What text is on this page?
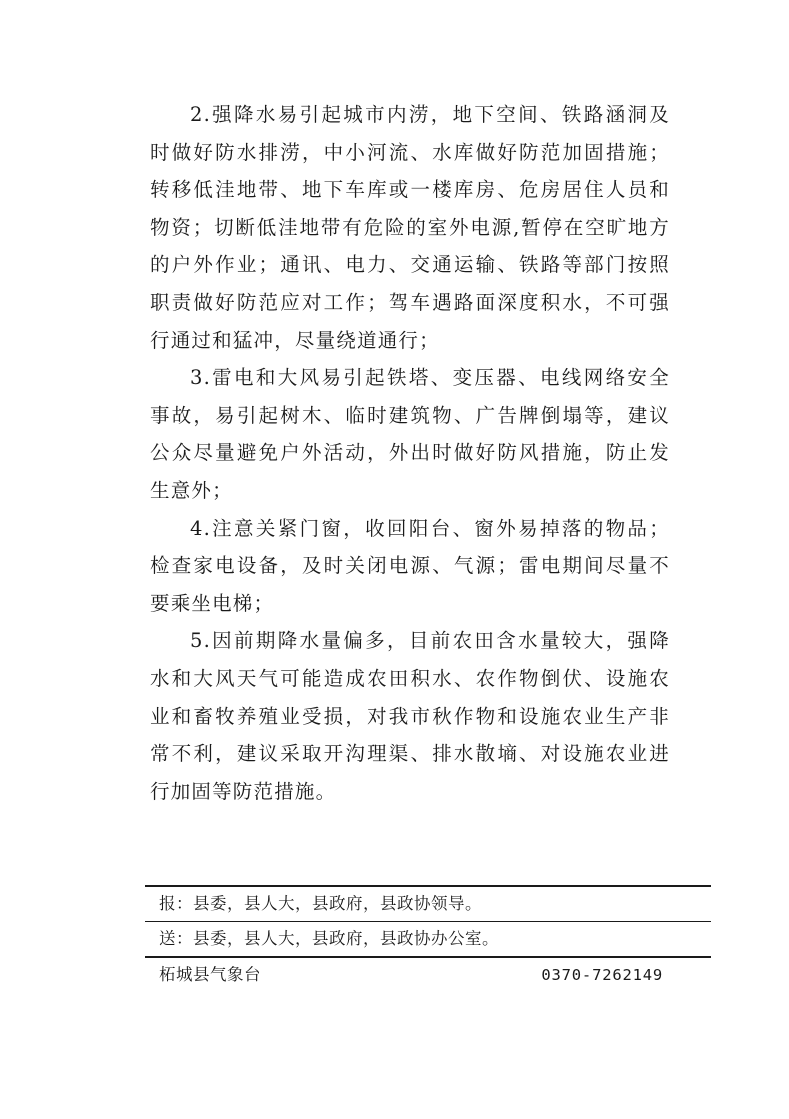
2.强降水易引起城市内涝，地下空间、铁路涵洞及
时做好防水排涝，中小河流、水库做好防范加固措施；
转移低洼地带、地下车库或一楼库房、危房居住人员和
物资；切断低洼地带有危险的室外电源,暂停在空旷地方
的户外作业；通讯、电力、交通运输、铁路等部门按照
职责做好防范应对工作；驾车遇路面深度积水，不可强
行通过和猛冲，尽量绕道通行；
3.雷电和大风易引起铁塔、变压器、电线网络安全
事故，易引起树木、临时建筑物、广告牌倒塌等，建议
公众尽量避免户外活动，外出时做好防风措施，防止发
生意外；
4.注意关紧门窗，收回阳台、窗外易掉落的物品；
检查家电设备，及时关闭电源、气源；雷电期间尽量不
要乘坐电梯；
5.因前期降水量偏多，目前农田含水量较大，强降
水和大风天气可能造成农田积水、农作物倒伏、设施农
业和畜牧养殖业受损，对我市秋作物和设施农业生产非
常不利，建议采取开沟理渠、排水散墒、对设施农业进
行加固等防范措施。
报：县委，县人大，县政府，县政协领导。
送：县委，县人大，县政府，县政协办公室。
柘城县气象台	0370-7262149
